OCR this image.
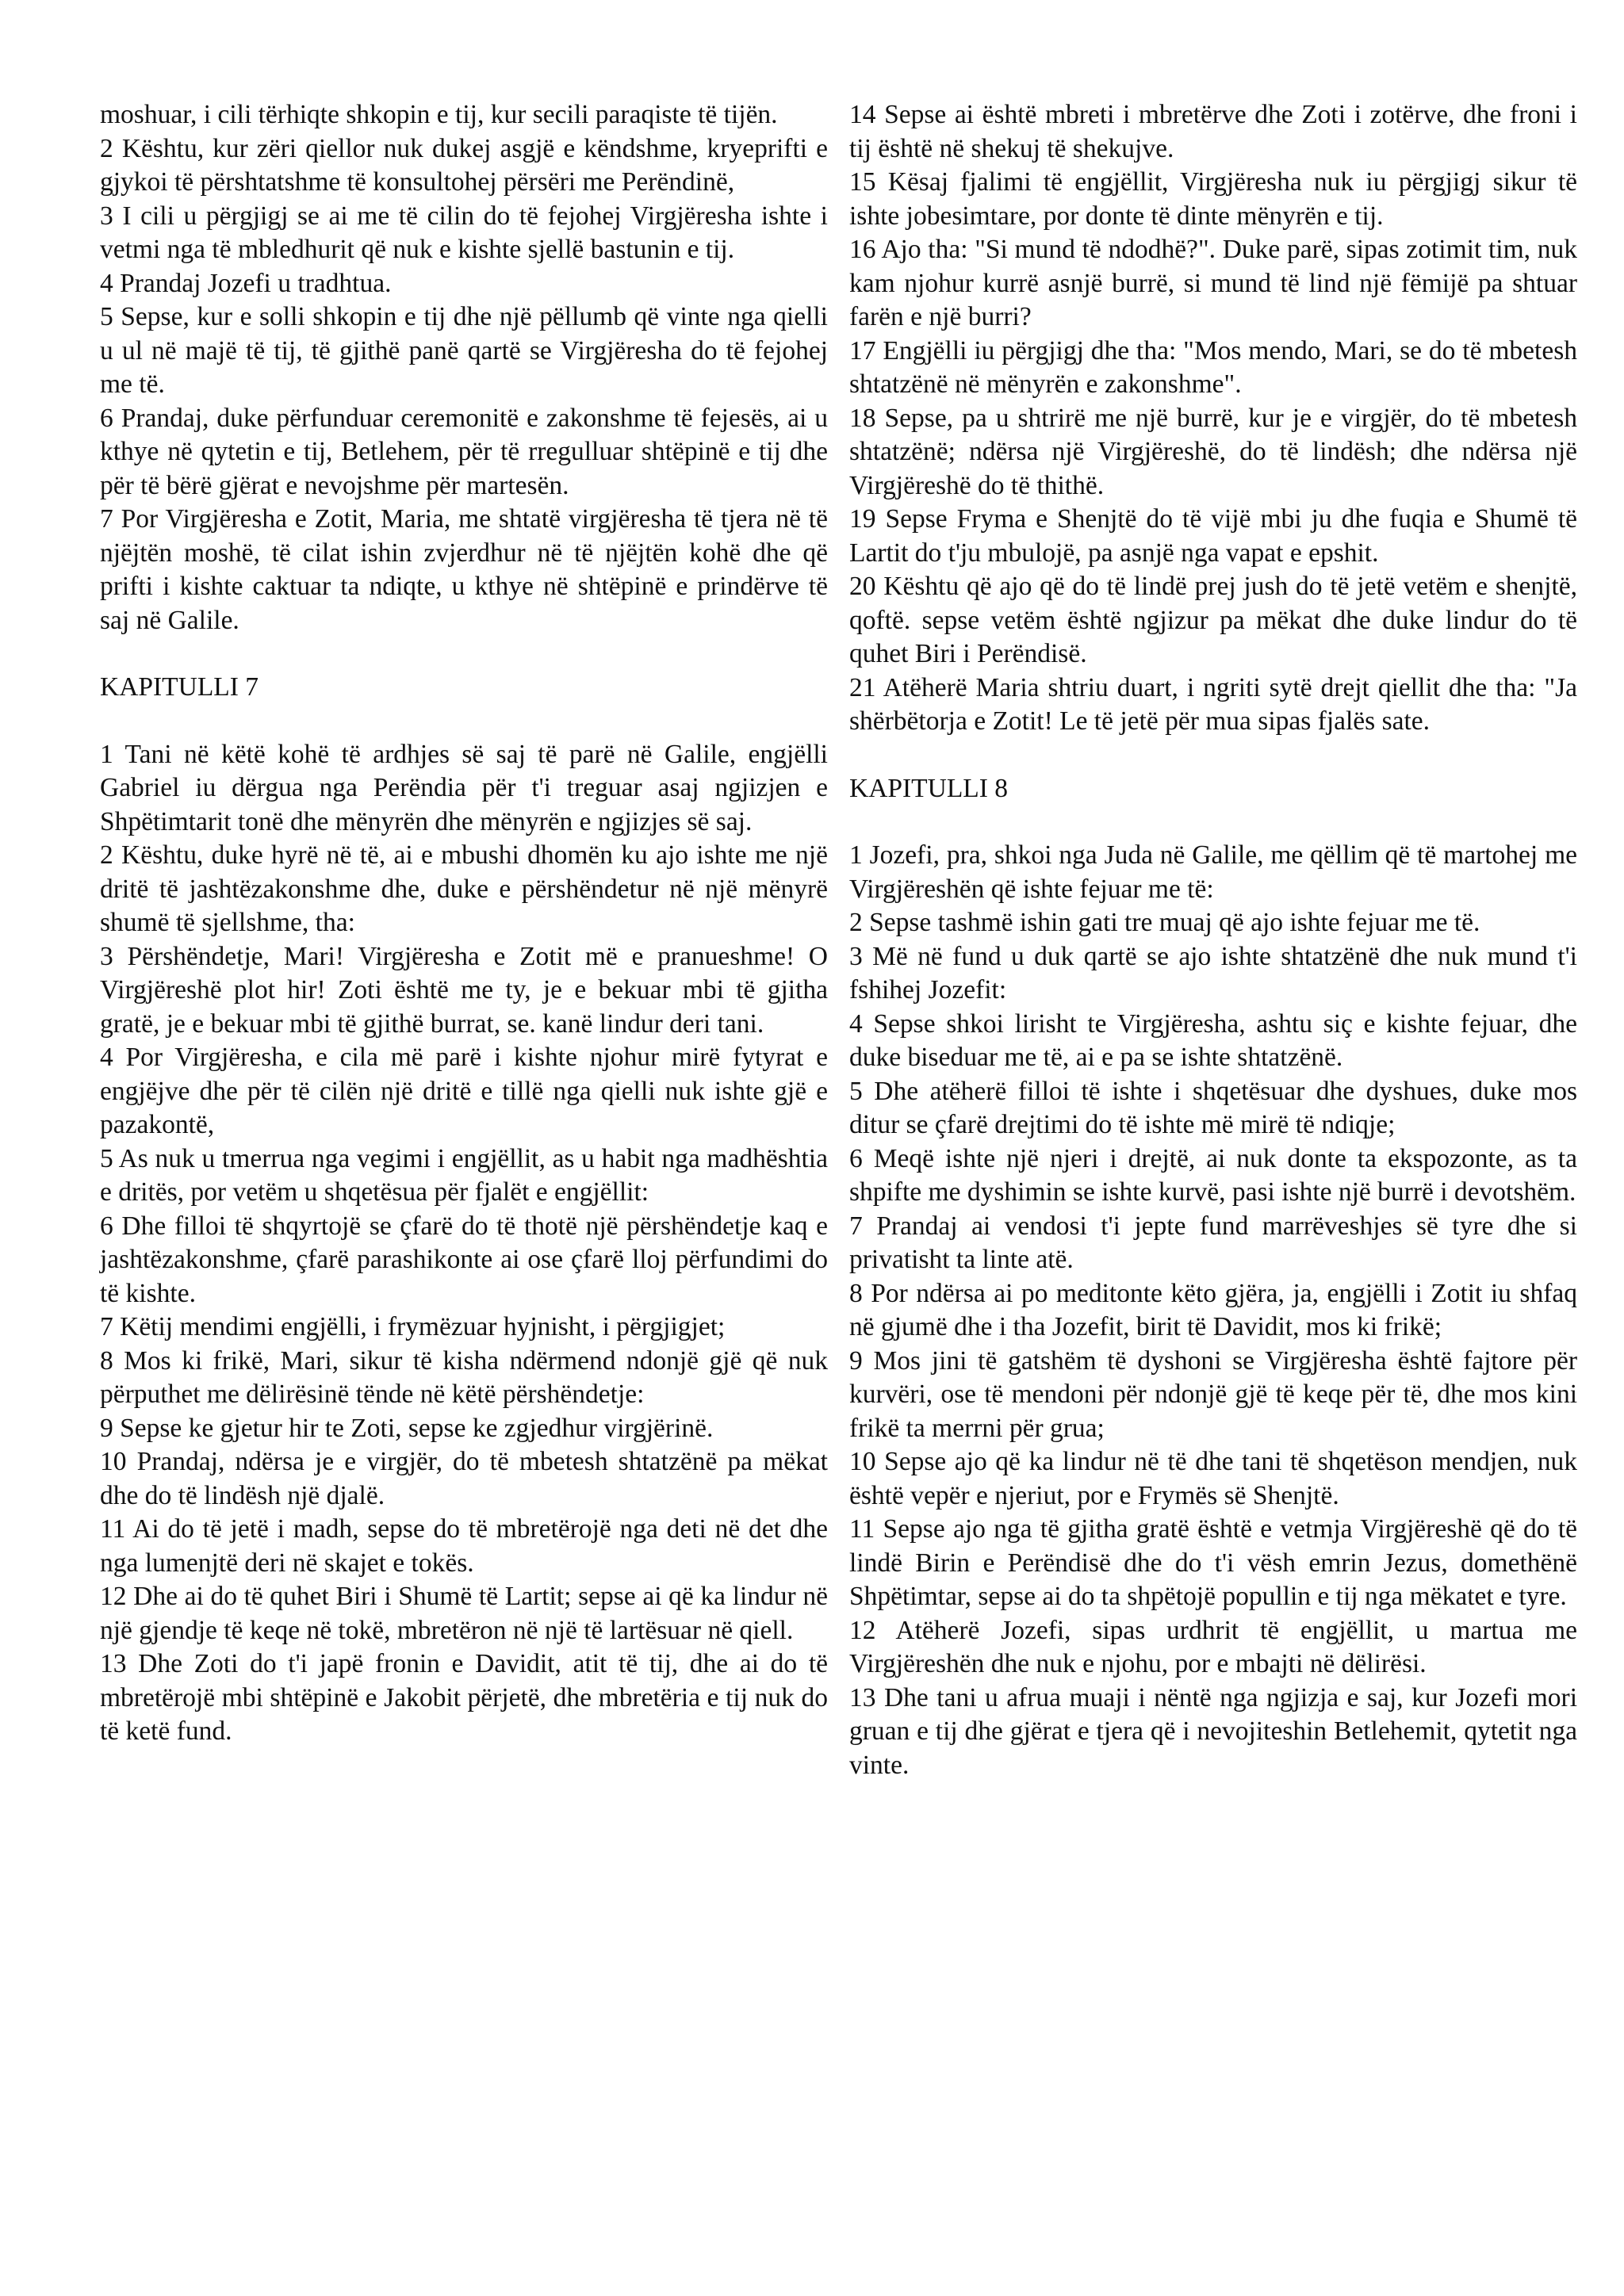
moshuar, i cili tërhiqte shkopin e tij, kur secili paraqiste të tijën.

2 Kështu, kur zëri qiellor nuk dukej asgjë e këndshme, kryeprifti e gjykoi të përshtatshme të konsultohej përsëri me Perëndinë,

3 I cili u përgjigj se ai me të cilin do të fejohej Virgjëresha ishte i vetmi nga të mbledhurit që nuk e kishte sjellë bastunin e tij.

4 Prandaj Jozefi u tradhtua.

5 Sepse, kur e solli shkopin e tij dhe një pëllumb që vinte nga qielli u ul në majë të tij, të gjithë panë qartë se Virgjëresha do të fejohej me të.

6 Prandaj, duke përfunduar ceremonitë e zakonshme të fejesës, ai u kthye në qytetin e tij, Betlehem, për të rregulluar shtëpinë e tij dhe për të bërë gjërat e nevojshme për martesën.

7 Por Virgjëresha e Zotit, Maria, me shtatë virgjëresha të tjera në të njëjtën moshë, të cilat ishin zvjerdhur në të njëjtën kohë dhe që prifti i kishte caktuar ta ndiqte, u kthye në shtëpinë e prindërve të saj në Galile.

KAPITULLI 7

1 Tani në këtë kohë të ardhjes së saj të parë në Galile, engjëlli Gabriel iu dërgua nga Perëndia për t'i treguar asaj ngjizjen e Shpëtimtarit tonë dhe mënyrën dhe mënyrën e ngjizjes së saj.

2 Kështu, duke hyrë në të, ai e mbushi dhomën ku ajo ishte me një dritë të jashtëzakonshme dhe, duke e përshëndetur në një mënyrë shumë të sjellshme, tha:

3 Përshëndetje, Mari! Virgjëresha e Zotit më e pranueshme! O Virgjëreshë plot hir! Zoti është me ty, je e bekuar mbi të gjitha gratë, je e bekuar mbi të gjithë burrat, se. kanë lindur deri tani.

4 Por Virgjëresha, e cila më parë i kishte njohur mirë fytyrat e engjëjve dhe për të cilën një dritë e tillë nga qielli nuk ishte gjë e pazakontë,

5 As nuk u tmerrua nga vegimi i engjëllit, as u habit nga madhështia e dritës, por vetëm u shqetësua për fjalët e engjëllit:

6 Dhe filloi të shqyrtojë se çfarë do të thotë një përshëndetje kaq e jashtëzakonshme, çfarë parashikonte ai ose çfarë lloj përfundimi do të kishte.

7 Këtij mendimi engjëlli, i frymëzuar hyjnisht, i përgjigjet;

8 Mos ki frikë, Mari, sikur të kisha ndërmend ndonjë gjë që nuk përputhet me dëlirësinë tënde në këtë përshëndetje:

9 Sepse ke gjetur hir te Zoti, sepse ke zgjedhur virgjërinë.

10 Prandaj, ndërsa je e virgjër, do të mbetesh shtatzënë pa mëkat dhe do të lindësh një djalë.

11 Ai do të jetë i madh, sepse do të mbretërojë nga deti në det dhe nga lumenjtë deri në skajet e tokës.

12 Dhe ai do të quhet Biri i Shumë të Lartit; sepse ai që ka lindur në një gjendje të keqe në tokë, mbretëron në një të lartësuar në qiell.

13 Dhe Zoti do t'i japë fronin e Davidit, atit të tij, dhe ai do të mbretërojë mbi shtëpinë e Jakobit përjetë, dhe mbretëria e tij nuk do të ketë fund.

14 Sepse ai është mbreti i mbretërve dhe Zoti i zotërve, dhe froni i tij është në shekuj të shekujve.

15 Kësaj fjalimi të engjëllit, Virgjëresha nuk iu përgjigj sikur të ishte jobesimtare, por donte të dinte mënyrën e tij.

16 Ajo tha: "Si mund të ndodhë?". Duke parë, sipas zotimit tim, nuk kam njohur kurrë asnjë burrë, si mund të lind një fëmijë pa shtuar farën e një burri?

17 Engjëlli iu përgjigj dhe tha: "Mos mendo, Mari, se do të mbetesh shtatzënë në mënyrën e zakonshme".

18 Sepse, pa u shtrirë me një burrë, kur je e virgjër, do të mbetesh shtatzënë; ndërsa një Virgjëreshë, do të lindësh; dhe ndërsa një Virgjëreshë do të thithë.

19 Sepse Fryma e Shenjtë do të vijë mbi ju dhe fuqia e Shumë të Lartit do t'ju mbulojë, pa asnjë nga vapat e epshit.

20 Kështu që ajo që do të lindë prej jush do të jetë vetëm e shenjtë, qoftë. sepse vetëm është ngjizur pa mëkat dhe duke lindur do të quhet Biri i Perëndisë.

21 Atëherë Maria shtriu duart, i ngriti sytë drejt qiellit dhe tha: "Ja shërbëtorja e Zotit! Le të jetë për mua sipas fjalës sate.

KAPITULLI 8

1 Jozefi, pra, shkoi nga Juda në Galile, me qëllim që të martohej me Virgjëreshën që ishte fejuar me të:

2 Sepse tashmë ishin gati tre muaj që ajo ishte fejuar me të.

3 Më në fund u duk qartë se ajo ishte shtatzënë dhe nuk mund t'i fshihej Jozefit:

4 Sepse shkoi lirisht te Virgjëresha, ashtu siç e kishte fejuar, dhe duke biseduar me të, ai e pa se ishte shtatzënë.

5 Dhe atëherë filloi të ishte i shqetësuar dhe dyshues, duke mos ditur se çfarë drejtimi do të ishte më mirë të ndiqje;

6 Meqë ishte një njeri i drejtë, ai nuk donte ta ekspozonte, as ta shpifte me dyshimin se ishte kurvë, pasi ishte një burrë i devotshëm.

7 Prandaj ai vendosi t'i jepte fund marrëveshjes së tyre dhe si privatisht ta linte atë.

8 Por ndërsa ai po meditonte këto gjëra, ja, engjëlli i Zotit iu shfaq në gjumë dhe i tha Jozefit, birit të Davidit, mos ki frikë;

9 Mos jini të gatshëm të dyshoni se Virgjëresha është fajtore për kurvëri, ose të mendoni për ndonjë gjë të keqe për të, dhe mos kini frikë ta merrni për grua;

10 Sepse ajo që ka lindur në të dhe tani të shqetëson mendjen, nuk është vepër e njeriut, por e Frymës së Shenjtë.

11 Sepse ajo nga të gjitha gratë është e vetmja Virgjëreshë që do të lindë Birin e Perëndisë dhe do t'i vësh emrin Jezus, domethënë Shpëtimtar, sepse ai do ta shpëtojë popullin e tij nga mëkatet e tyre.

12 Atëherë Jozefi, sipas urdhrit të engjëllit, u martua me Virgjëreshën dhe nuk e njohu, por e mbajti në dëlirësi.

13 Dhe tani u afrua muaji i nëntë nga ngjizja e saj, kur Jozefi mori gruan e tij dhe gjërat e tjera që i nevojiteshin Betlehemit, qytetit nga vinte.
